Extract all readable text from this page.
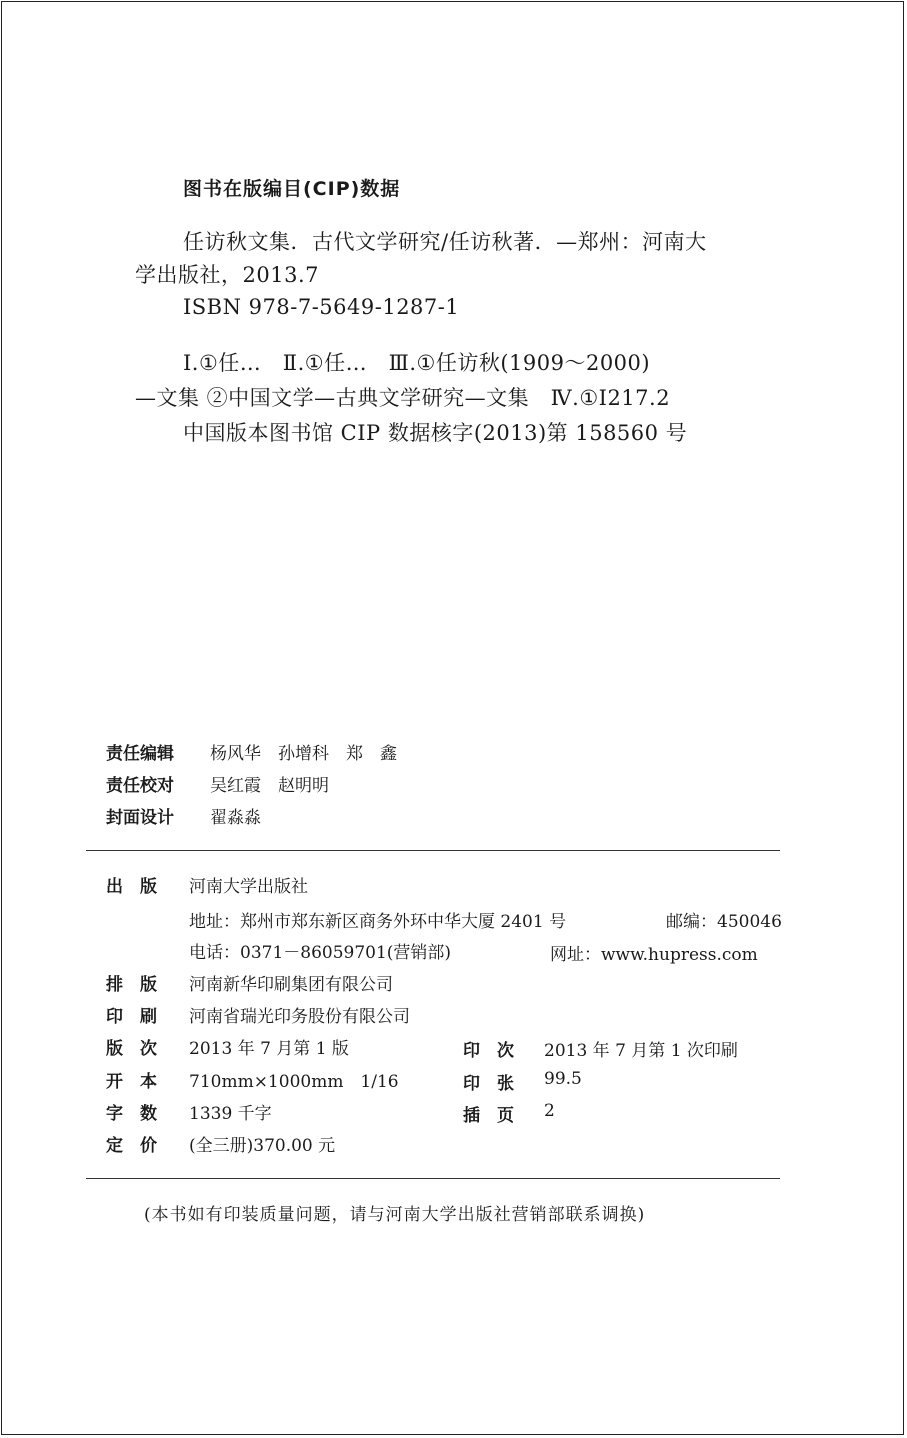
图书在版编目(CIP)数据
任访秋文集．古代文学研究/任访秋著．—郑州：河南大
学出版社，2013.7
ISBN 978-7-5649-1287-1
Ⅰ.①任…　Ⅱ.①任…　Ⅲ.①任访秋(1909～2000)
—文集 ②中国文学—古典文学研究—文集　Ⅳ.①I217.2
中国版本图书馆 CIP 数据核字(2013)第 158560 号
责任编辑 杨风华　孙增科　郑　鑫
责任校对 吴红霞　赵明明
封面设计 翟淼淼
出　版 河南大学出版社
地址：郑州市郑东新区商务外环中华大厦 2401 号	邮编：450046
电话：0371－86059701(营销部)	网址：www.hupress.com
排　版 河南新华印刷集团有限公司
印　刷 河南省瑞光印务股份有限公司
版　次 2013 年 7 月第 1 版	印　次 2013 年 7 月第 1 次印刷
开　本 710mm×1000mm　1/16	印　张 99.5
字　数 1339 千字	插　页 2
定　价 (全三册)370.00 元
(本书如有印装质量问题，请与河南大学出版社营销部联系调换)
